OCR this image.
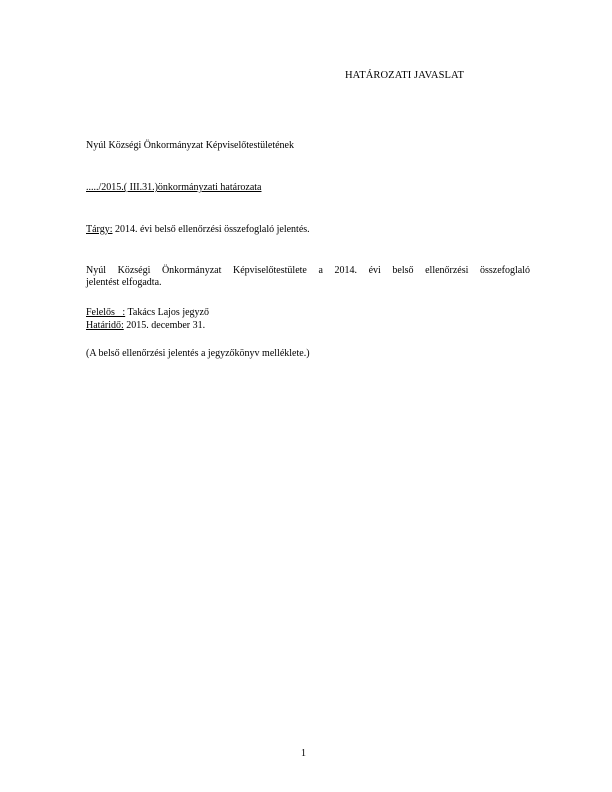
HATÁROZATI JAVASLAT
Nyúl Községi Önkormányzat Képviselőtestületének
...../2015.( III.31.)önkormányzati határozata
Tárgy: 2014. évi belső ellenőrzési összefoglaló jelentés.
Nyúl Községi Önkormányzat Képviselőtestülete a 2014. évi belső ellenőrzési összefoglaló
jelentést elfogadta.
Felelős   : Takács Lajos jegyző
Határidő: 2015. december 31.
(A belső ellenőrzési jelentés a jegyzőkönyv melléklete.)
1
